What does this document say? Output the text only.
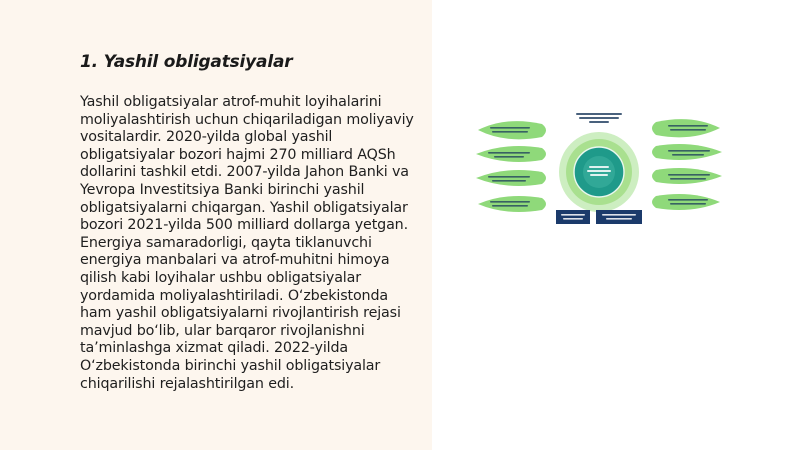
1. Yashil obligatsiyalar

Yashil obligatsiyalar atrof-muhit loyihalarini moliyalashtirish uchun chiqariladigan moliyaviy vositalardir. 2020-yilda global yashil obligatsiyalar bozori hajmi 270 milliard AQSh dollarini tashkil etdi. 2007-yilda Jahon Banki va Yevropa Investitsiya Banki birinchi yashil obligatsiyalarni chiqargan. Yashil obligatsiyalar bozori 2021-yilda 500 milliard dollarga yetgan. Energiya samaradorligi, qayta tiklanuvchi energiya manbalari va atrof-muhitni himoya qilish kabi loyihalar ushbu obligatsiyalar yordamida moliyalashtiriladi. O‘zbekistonda ham yashil obligatsiyalarni rivojlantirish rejasi mavjud bo‘lib, ular barqaror rivojlanishni ta’minlashga xizmat qiladi. 2022-yilda O‘zbekistonda birinchi yashil obligatsiyalar chiqarilishi rejalashtirilgan edi.
